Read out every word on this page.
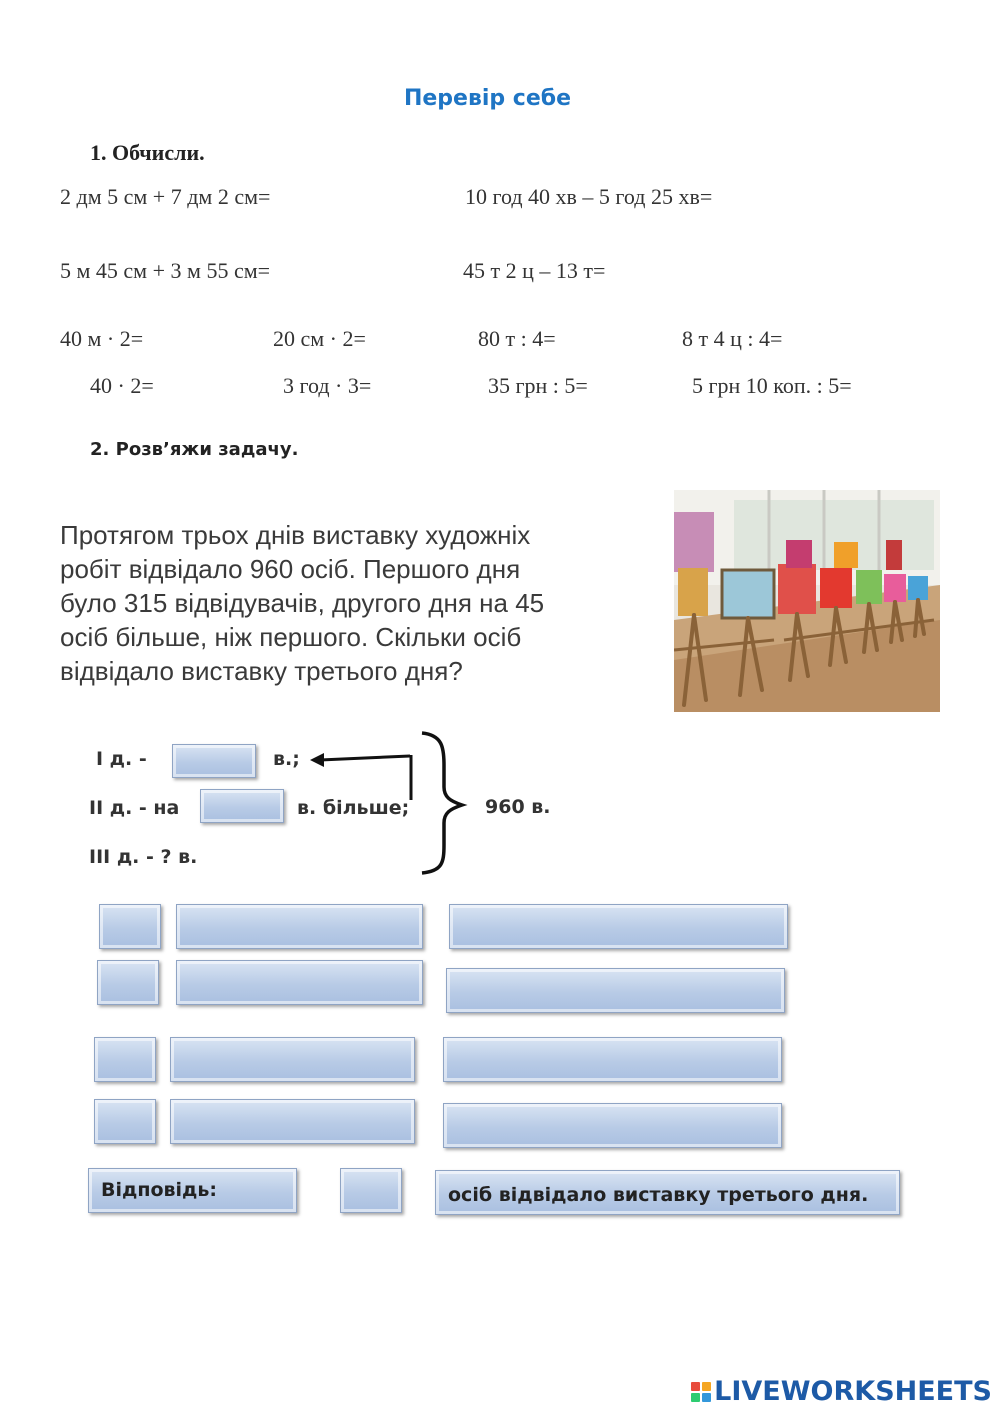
Перевір себе
1. Обчисли.
2 дм 5 см + 7 дм 2 см=	10 год 40 хв – 5 год 25 хв=
5 м 45 см + 3 м 55 см=	45 т 2 ц – 13 т=
40 м · 2=	20 см · 2=	80 т : 4=	8 т 4 ц : 4=
40 · 2=	3 год · 3=	35 грн : 5=	5 грн 10 коп. : 5=
2. Розв’яжи задачу.
Протягом трьох днів виставку художніх
робіт відвідало 960 осіб. Першого дня
було 315 відвідувачів, другого дня на 45
осіб більше, ніж першого. Скільки осіб
відвідало виставку третього дня?
І д. -	в.;
ІІ д. - на	в. більше;
ІІІ д. - ? в.
960 в.
Відповідь:	осіб відвідало виставку третього дня.
LIVEWORKSHEETS
